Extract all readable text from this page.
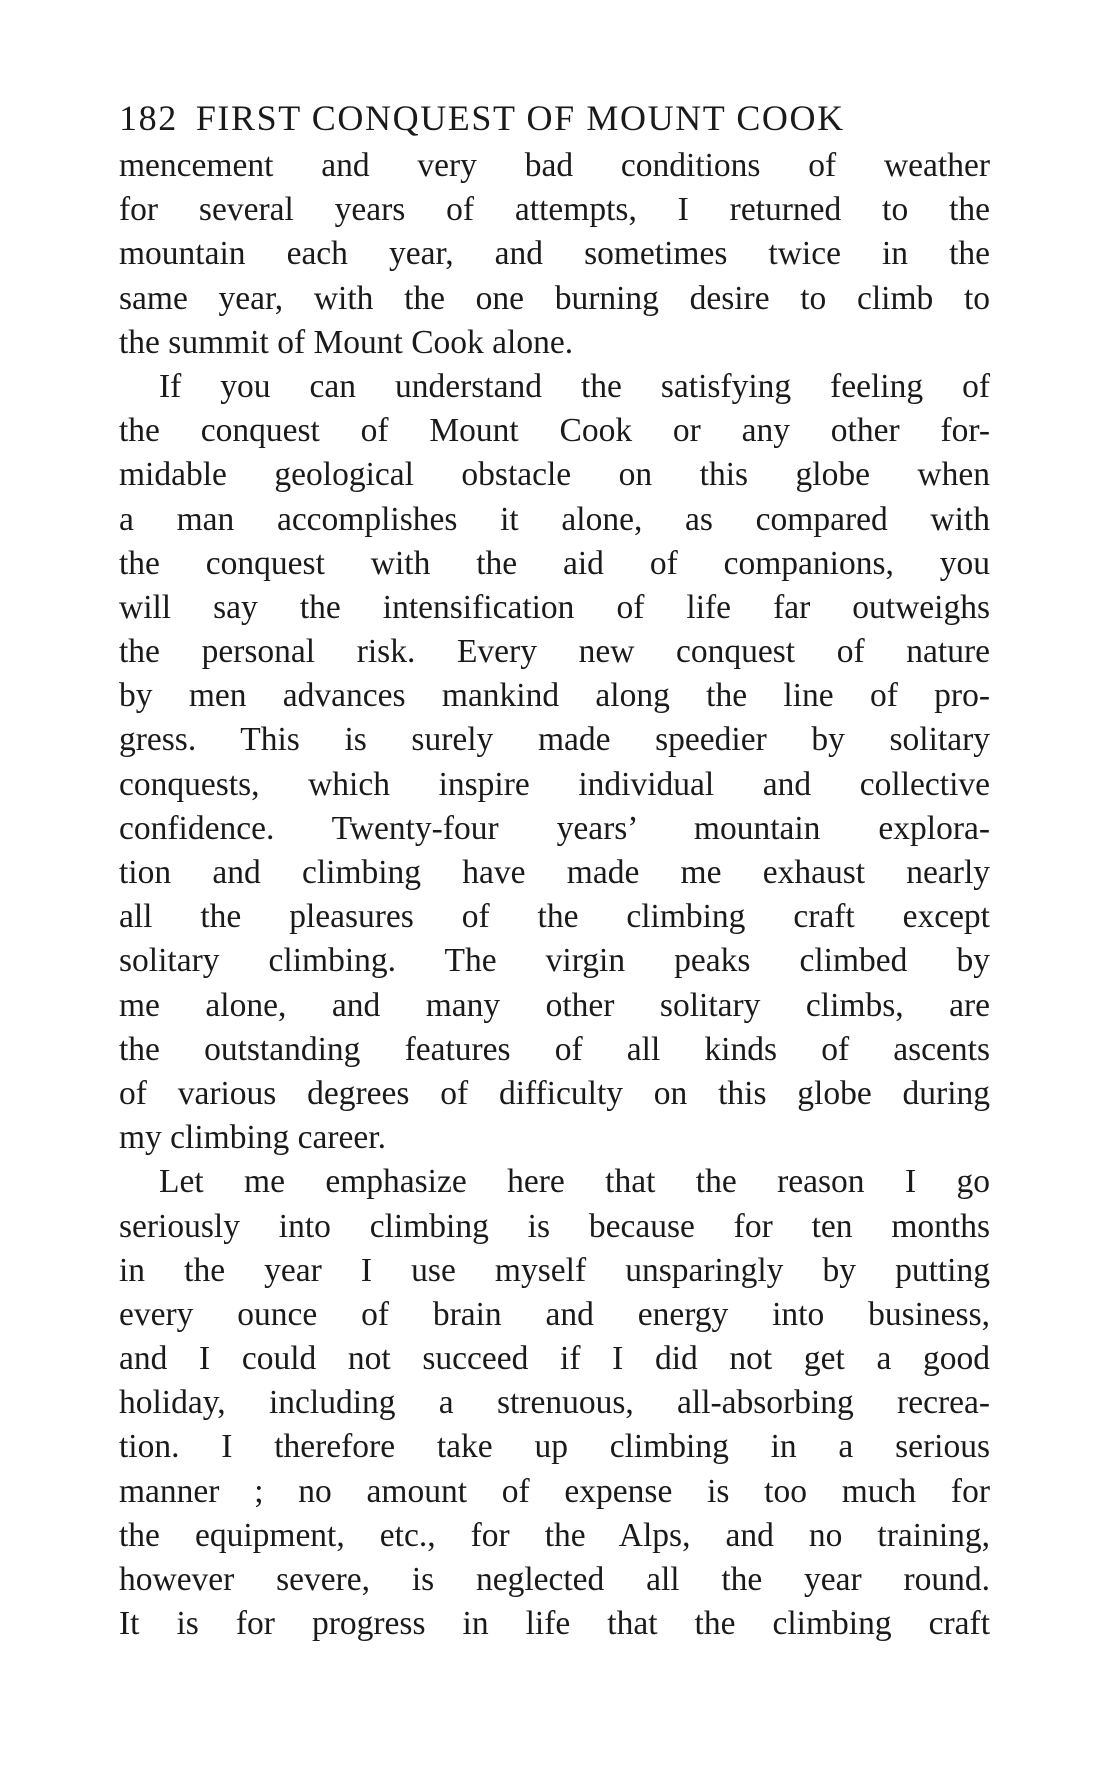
182 FIRST CONQUEST OF MOUNT COOK
mencement and very bad conditions of weather
for several years of attempts, I returned to the
mountain each year, and sometimes twice in the
same year, with the one burning desire to climb to
the summit of Mount Cook alone.
If you can understand the satisfying feeling of
the conquest of Mount Cook or any other for-
midable geological obstacle on this globe when
a man accomplishes it alone, as compared with
the conquest with the aid of companions, you
will say the intensification of life far outweighs
the personal risk. Every new conquest of nature
by men advances mankind along the line of pro-
gress. This is surely made speedier by solitary
conquests, which inspire individual and collective
confidence. Twenty-four years’ mountain explora-
tion and climbing have made me exhaust nearly
all the pleasures of the climbing craft except
solitary climbing. The virgin peaks climbed by
me alone, and many other solitary climbs, are
the outstanding features of all kinds of ascents
of various degrees of difficulty on this globe during
my climbing career.
Let me emphasize here that the reason I go
seriously into climbing is because for ten months
in the year I use myself unsparingly by putting
every ounce of brain and energy into business,
and I could not succeed if I did not get a good
holiday, including a strenuous, all-absorbing recrea-
tion. I therefore take up climbing in a serious
manner ; no amount of expense is too much for
the equipment, etc., for the Alps, and no training,
however severe, is neglected all the year round.
It is for progress in life that the climbing craft
